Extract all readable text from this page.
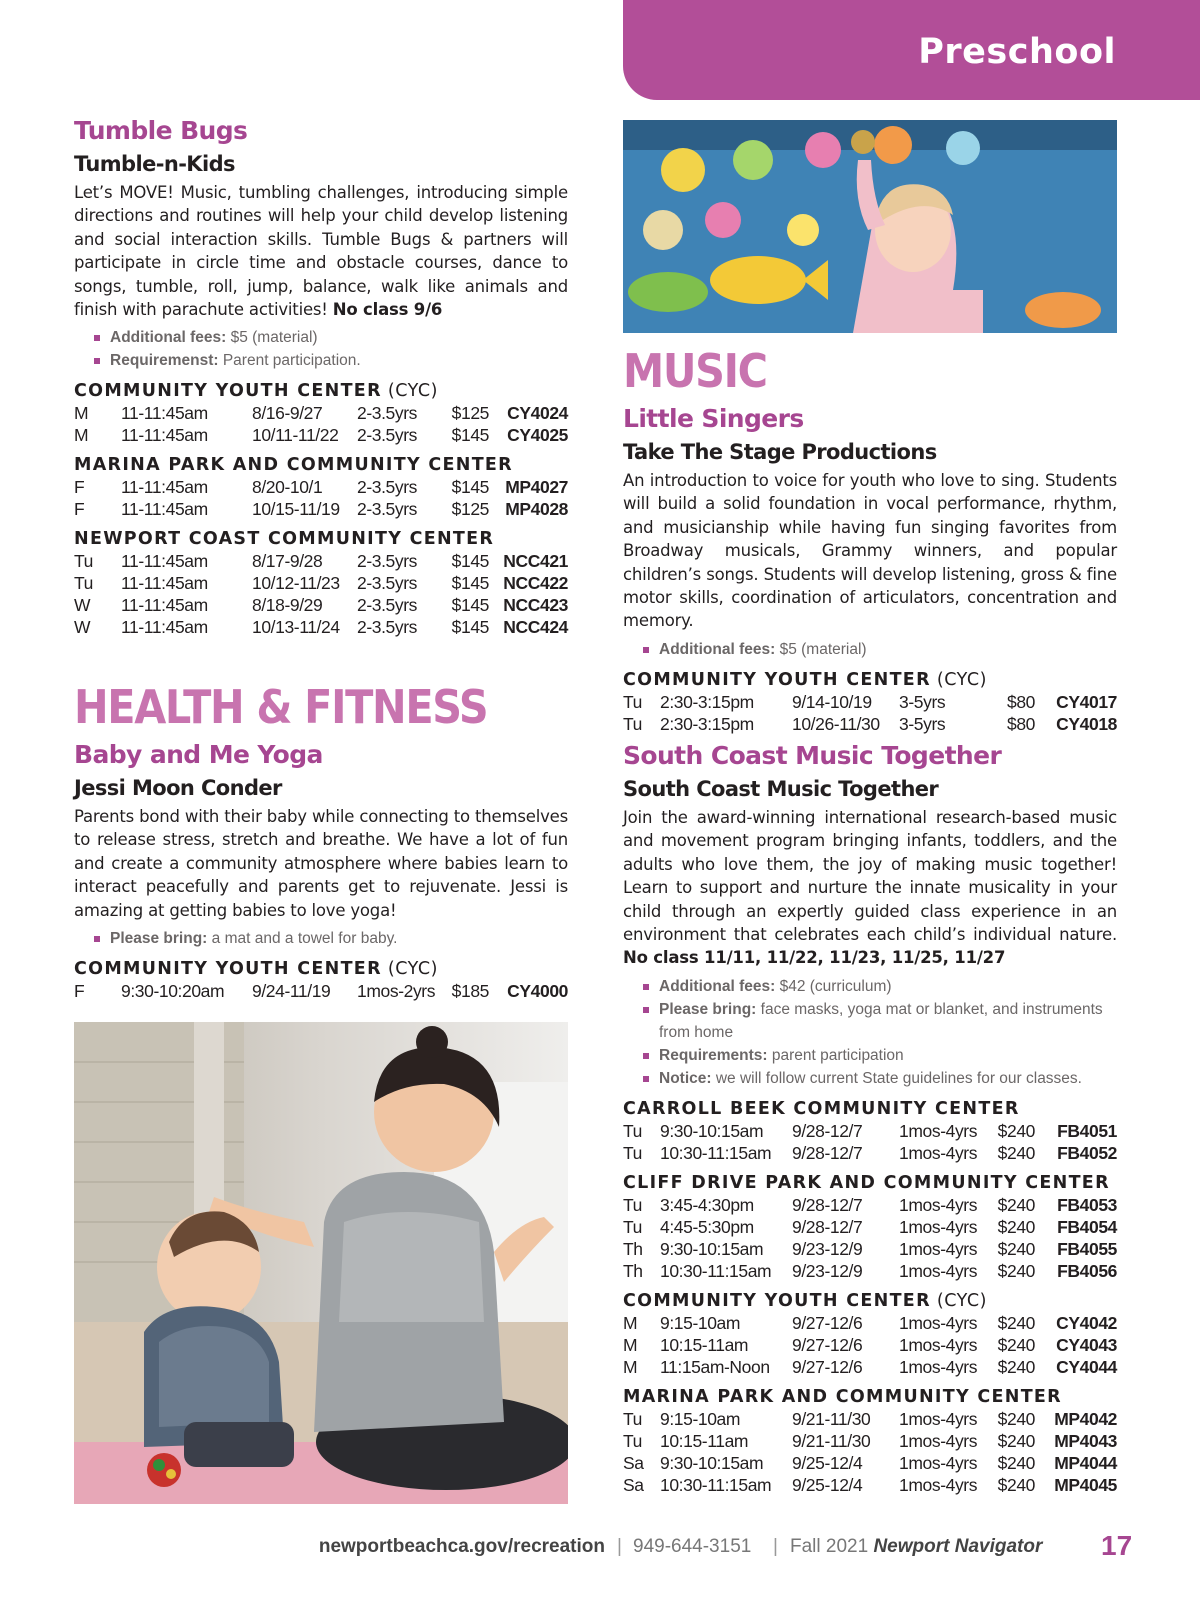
Preschool
Tumble Bugs
Tumble-n-Kids

Let’s MOVE! Music, tumbling challenges, introducing simple directions and routines will help your child develop listening and social interaction skills. Tumble Bugs & partners will participate in circle time and obstacle courses, dance to songs, tumble, roll, jump, balance, walk like animals and finish with parachute activities! No class 9/6

Additional fees: $5 (material)
Requiremenst: Parent participation.
COMMUNITY YOUTH CENTER (CYC)
M	11-11:45am	8/16-9/27	2-3.5yrs	$125	CY4024
M	11-11:45am	10/11-11/22	2-3.5yrs	$145	CY4025
MARINA PARK AND COMMUNITY CENTER
F	11-11:45am	8/20-10/1	2-3.5yrs	$145	MP4027
F	11-11:45am	10/15-11/19	2-3.5yrs	$125	MP4028
NEWPORT COAST COMMUNITY CENTER
Tu	11-11:45am	8/17-9/28	2-3.5yrs	$145	NCC421
Tu	11-11:45am	10/12-11/23	2-3.5yrs	$145	NCC422
W	11-11:45am	8/18-9/29	2-3.5yrs	$145	NCC423
W	11-11:45am	10/13-11/24	2-3.5yrs	$145	NCC424
HEALTH & FITNESS
Baby and Me Yoga
Jessi Moon Conder

Parents bond with their baby while connecting to themselves to release stress, stretch and breathe. We have a lot of fun and create a community atmosphere where babies learn to interact peacefully and parents get to rejuvenate. Jessi is amazing at getting babies to love yoga!

Please bring: a mat and a towel for baby.
COMMUNITY YOUTH CENTER (CYC)
F	9:30-10:20am	9/24-11/19	1mos-2yrs	$185	CY4000
MUSIC
Little Singers
Take The Stage Productions

An introduction to voice for youth who love to sing. Students will build a solid foundation in vocal performance, rhythm, and musicianship while having fun singing favorites from Broadway musicals, Grammy winners, and popular children’s songs. Students will develop listening, gross & fine motor skills, coordination of articulators, concentration and memory.

Additional fees: $5 (material)
COMMUNITY YOUTH CENTER (CYC)
Tu	2:30-3:15pm	9/14-10/19	3-5yrs	$80	CY4017
Tu	2:30-3:15pm	10/26-11/30	3-5yrs	$80	CY4018
South Coast Music Together
South Coast Music Together

Join the award-winning international research-based music and movement program bringing infants, toddlers, and the adults who love them, the joy of making music together! Learn to support and nurture the innate musicality in your child through an expertly guided class experience in an environment that celebrates each child’s individual nature. No class 11/11, 11/22, 11/23, 11/25, 11/27

Additional fees: $42 (curriculum)
Please bring: face masks, yoga mat or blanket, and instruments from home
Requirements: parent participation
Notice: we will follow current State guidelines for our classes.
CARROLL BEEK COMMUNITY CENTER
Tu	9:30-10:15am	9/28-12/7	1mos-4yrs	$240	FB4051
Tu	10:30-11:15am	9/28-12/7	1mos-4yrs	$240	FB4052
CLIFF DRIVE PARK AND COMMUNITY CENTER
Tu	3:45-4:30pm	9/28-12/7	1mos-4yrs	$240	FB4053
Tu	4:45-5:30pm	9/28-12/7	1mos-4yrs	$240	FB4054
Th	9:30-10:15am	9/23-12/9	1mos-4yrs	$240	FB4055
Th	10:30-11:15am	9/23-12/9	1mos-4yrs	$240	FB4056
COMMUNITY YOUTH CENTER (CYC)
M	9:15-10am	9/27-12/6	1mos-4yrs	$240	CY4042
M	10:15-11am	9/27-12/6	1mos-4yrs	$240	CY4043
M	11:15am-Noon	9/27-12/6	1mos-4yrs	$240	CY4044
MARINA PARK AND COMMUNITY CENTER
Tu	9:15-10am	9/21-11/30	1mos-4yrs	$240	MP4042
Tu	10:15-11am	9/21-11/30	1mos-4yrs	$240	MP4043
Sa	9:30-10:15am	9/25-12/4	1mos-4yrs	$240	MP4044
Sa	10:30-11:15am	9/25-12/4	1mos-4yrs	$240	MP4045
newportbeachca.gov/recreation | 949-644-3151 | Fall 2021 Newport Navigator 17
